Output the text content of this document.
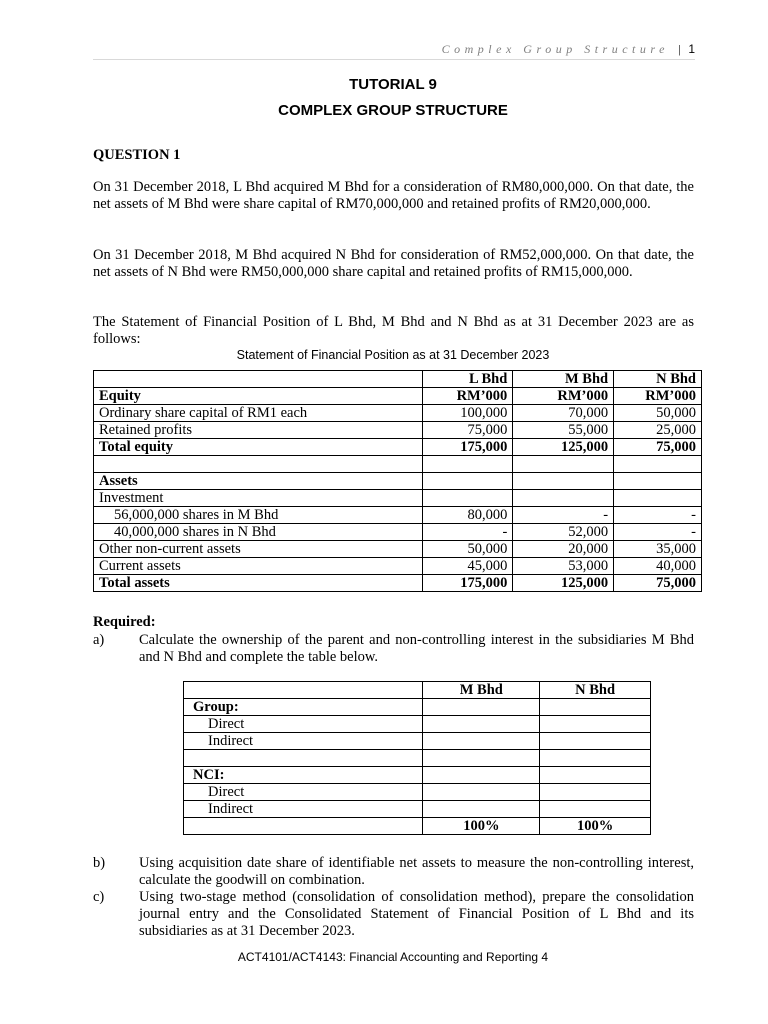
Complex Group Structure | 1
TUTORIAL 9
COMPLEX GROUP STRUCTURE
QUESTION 1
On 31 December 2018, L Bhd acquired M Bhd for a consideration of RM80,000,000. On that date, the net assets of M Bhd were share capital of RM70,000,000 and retained profits of RM20,000,000.
On 31 December 2018, M Bhd acquired N Bhd for consideration of RM52,000,000. On that date, the net assets of N Bhd were RM50,000,000 share capital and retained profits of RM15,000,000.
The Statement of Financial Position of L Bhd, M Bhd and N Bhd as at 31 December 2023 are as follows:
Statement of Financial Position as at 31 December 2023
	L Bhd	M Bhd	N Bhd
Equity	RM’000	RM’000	RM’000
Ordinary share capital of RM1 each	100,000	70,000	50,000
Retained profits	75,000	55,000	25,000
Total equity	175,000	125,000	75,000

Assets			
Investment			
56,000,000 shares in M Bhd	80,000	-	-
40,000,000 shares in N Bhd	-	52,000	-
Other non-current assets	50,000	20,000	35,000
Current assets	45,000	53,000	40,000
Total assets	175,000	125,000	75,000
Required:
a) Calculate the ownership of the parent and non-controlling interest in the subsidiaries M Bhd and N Bhd and complete the table below.
	M Bhd	N Bhd
Group:		
Direct		
Indirect		

NCI:		
Direct		
Indirect		
	100%	100%
b) Using acquisition date share of identifiable net assets to measure the non-controlling interest, calculate the goodwill on combination.
c) Using two-stage method (consolidation of consolidation method), prepare the consolidation journal entry and the Consolidated Statement of Financial Position of L Bhd and its subsidiaries as at 31 December 2023.
ACT4101/ACT4143: Financial Accounting and Reporting 4
